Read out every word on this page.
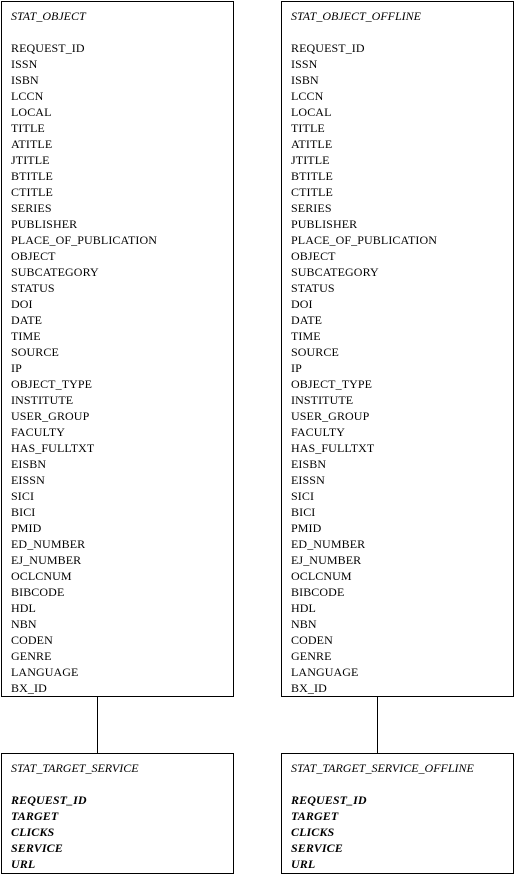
STAT_OBJECT
REQUEST_ID
ISSN
ISBN
LCCN
LOCAL
TITLE
ATITLE
JTITLE
BTITLE
CTITLE
SERIES
PUBLISHER
PLACE_OF_PUBLICATION
OBJECT
SUBCATEGORY
STATUS
DOI
DATE
TIME
SOURCE
IP
OBJECT_TYPE
INSTITUTE
USER_GROUP
FACULTY
HAS_FULLTXT
EISBN
EISSN
SICI
BICI
PMID
ED_NUMBER
EJ_NUMBER
OCLCNUM
BIBCODE
HDL
NBN
CODEN
GENRE
LANGUAGE
BX_ID
STAT_OBJECT_OFFLINE
REQUEST_ID
ISSN
ISBN
LCCN
LOCAL
TITLE
ATITLE
JTITLE
BTITLE
CTITLE
SERIES
PUBLISHER
PLACE_OF_PUBLICATION
OBJECT
SUBCATEGORY
STATUS
DOI
DATE
TIME
SOURCE
IP
OBJECT_TYPE
INSTITUTE
USER_GROUP
FACULTY
HAS_FULLTXT
EISBN
EISSN
SICI
BICI
PMID
ED_NUMBER
EJ_NUMBER
OCLCNUM
BIBCODE
HDL
NBN
CODEN
GENRE
LANGUAGE
BX_ID
STAT_TARGET_SERVICE
REQUEST_ID
TARGET
CLICKS
SERVICE
URL
STAT_TARGET_SERVICE_OFFLINE
REQUEST_ID
TARGET
CLICKS
SERVICE
URL
